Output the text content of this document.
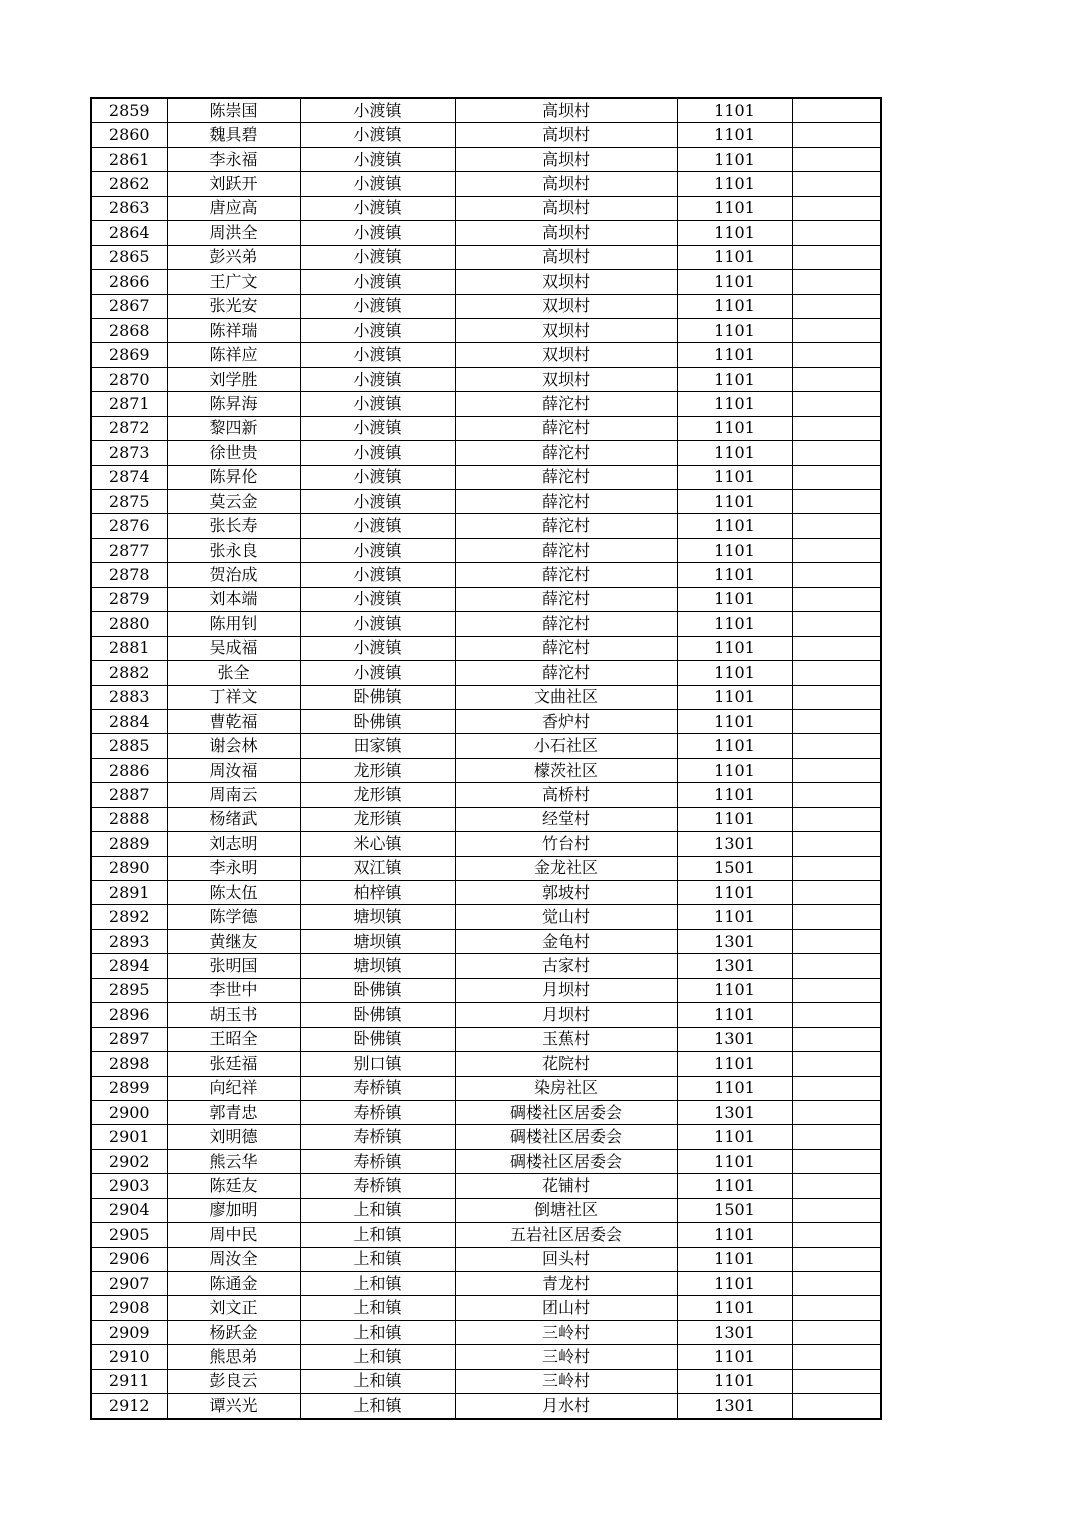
2859	陈崇国	小渡镇	高坝村	1101	
2860	魏具碧	小渡镇	高坝村	1101	
2861	李永福	小渡镇	高坝村	1101	
2862	刘跃开	小渡镇	高坝村	1101	
2863	唐应高	小渡镇	高坝村	1101	
2864	周洪全	小渡镇	高坝村	1101	
2865	彭兴弟	小渡镇	高坝村	1101	
2866	王广文	小渡镇	双坝村	1101	
2867	张光安	小渡镇	双坝村	1101	
2868	陈祥瑞	小渡镇	双坝村	1101	
2869	陈祥应	小渡镇	双坝村	1101	
2870	刘学胜	小渡镇	双坝村	1101	
2871	陈昇海	小渡镇	薛沱村	1101	
2872	黎四新	小渡镇	薛沱村	1101	
2873	徐世贵	小渡镇	薛沱村	1101	
2874	陈昇伦	小渡镇	薛沱村	1101	
2875	莫云金	小渡镇	薛沱村	1101	
2876	张长寿	小渡镇	薛沱村	1101	
2877	张永良	小渡镇	薛沱村	1101	
2878	贺治成	小渡镇	薛沱村	1101	
2879	刘本端	小渡镇	薛沱村	1101	
2880	陈用钊	小渡镇	薛沱村	1101	
2881	吴成福	小渡镇	薛沱村	1101	
2882	张全	小渡镇	薛沱村	1101	
2883	丁祥文	卧佛镇	文曲社区	1101	
2884	曹乾福	卧佛镇	香炉村	1101	
2885	谢会林	田家镇	小石社区	1101	
2886	周汝福	龙形镇	檬茨社区	1101	
2887	周南云	龙形镇	高桥村	1101	
2888	杨绪武	龙形镇	经堂村	1101	
2889	刘志明	米心镇	竹台村	1301	
2890	李永明	双江镇	金龙社区	1501	
2891	陈太伍	柏梓镇	郭坡村	1101	
2892	陈学德	塘坝镇	觉山村	1101	
2893	黄继友	塘坝镇	金龟村	1301	
2894	张明国	塘坝镇	古家村	1301	
2895	李世中	卧佛镇	月坝村	1101	
2896	胡玉书	卧佛镇	月坝村	1101	
2897	王昭全	卧佛镇	玉蕉村	1301	
2898	张廷福	别口镇	花院村	1101	
2899	向纪祥	寿桥镇	染房社区	1101	
2900	郭青忠	寿桥镇	碉楼社区居委会	1301	
2901	刘明德	寿桥镇	碉楼社区居委会	1101	
2902	熊云华	寿桥镇	碉楼社区居委会	1101	
2903	陈廷友	寿桥镇	花铺村	1101	
2904	廖加明	上和镇	倒塘社区	1501	
2905	周中民	上和镇	五岩社区居委会	1101	
2906	周汝全	上和镇	回头村	1101	
2907	陈通金	上和镇	青龙村	1101	
2908	刘文正	上和镇	团山村	1101	
2909	杨跃金	上和镇	三岭村	1301	
2910	熊思弟	上和镇	三岭村	1101	
2911	彭良云	上和镇	三岭村	1101	
2912	谭兴光	上和镇	月水村	1301	
